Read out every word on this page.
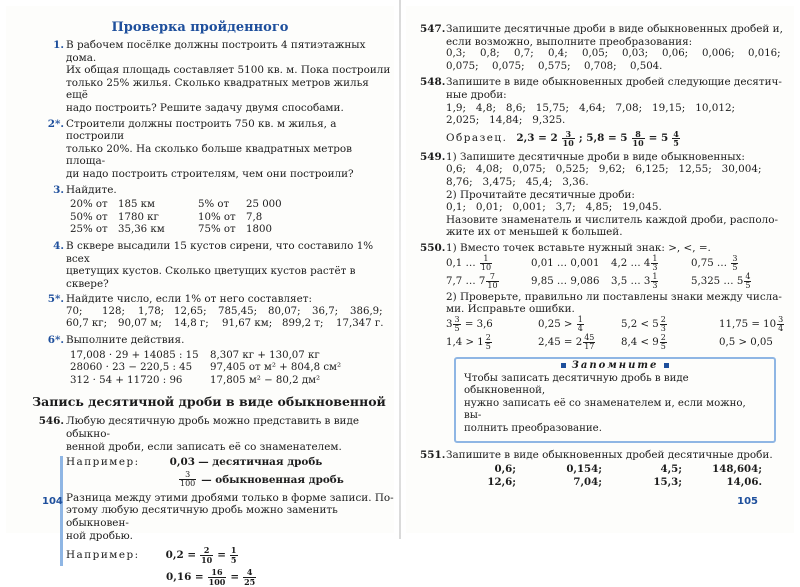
Проверка пройденного
1. В рабочем посёлке должны построить 4 пятиэтажных дома.
Их общая площадь составляет 5100 кв. м. Пока построили
только 25% жилья. Сколько квадратных метров жилья ещё
надо построить? Решите задачу двумя способами.
2*. Строители должны построить 750 кв. м жилья, а построили
только 20%. На сколько больше квадратных метров площа-
ди надо построить строителям, чем они построили?
3. Найдите.
20% от	185 км	5% от	25 000
50% от	1780 кг	10% от	7,8
25% от	35,36 км	75% от	1800
4. В сквере высадили 15 кустов сирени, что составило 1% всех
цветущих кустов. Сколько цветущих кустов растёт в сквере?
5*. Найдите число, если 1% от него составляет:
70;	128;	1,78; 12,65;	785,45;	80,07;	36,7;	386,9;
60,7 кг;	90,07 м;	14,8 г;	91,67 км; 899,2 т;	17,347 г.
6*. Выполните действия.
17,008 · 29 + 14085 : 15	8,307 кг + 130,07 кг
28060 · 23 − 220,5 : 45	97,405 от м² + 804,8 см²
312 · 54 + 11720 : 96	17,805 м² − 80,2 дм²
Запись десятичной дроби в виде обыкновенной
546. Любую десятичную дробь можно представить в виде обыкно-
венной дроби, если записать её со знаменателем.
Например:	0,03 — десятичная дробь
$\frac{3}{100}$ — обыкновенная дробь
Разница между этими дробями только в форме записи. По-
этому любую десятичную дробь можно заменить обыкновен-
ной дробью.
Например:	$0,2 = \frac{2}{10} = \frac{1}{5}$
$0,16 = \frac{16}{100} = \frac{4}{25}$
104
547. Запишите десятичные дроби в виде обыкновенных дробей и,
если возможно, выполните преобразования:
0,3;	0,8;	0,7;	0,4;	0,05;	0,03;	0,06;	0,006;	0,016;
0,075;	0,075;	0,575;	0,708;	0,504.
548. Запишите в виде обыкновенных дробей следующие десятич-
ные дроби:
1,9;   4,8;   8,6;   15,75;   4,64;   7,08;   19,15;   10,012;
2,025;   14,84;   9,325.
Образец. $2,3 = 2 \frac{3}{10}$ ; $5,8 = 5 \frac{8}{10} = 5 \frac{4}{5}$
549. 1) Запишите десятичные дроби в виде обыкновенных:
0,6;   4,08;   0,075;   0,525;   9,62;   6,125;   12,55;   30,004;
8,76;   3,475;   45,4;   3,36.
2) Прочитайте десятичные дроби:
0,1;   0,01;   0,001;   3,7;   4,85;   19,045.
Назовите знаменатель и числитель каждой дроби, располо-
жите их от меньшей к большей.
550. 1) Вместо точек вставьте нужный знак: >, <, =.
0,1 … $\frac{1}{10}$	0,01 … 0,001 4,2 … $4 \frac{1}{3}$	0,75 … $\frac{3}{5}$
7,7 … $7 \frac{7}{10}$	9,85 … 9,086 3,5 … $3 \frac{1}{3}$	5,325 … $5 \frac{4}{5}$
2) Проверьте, правильно ли поставлены знаки между числа-
ми. Исправьте ошибки.
$3 \frac{3}{5} = 3,6$	$0,25 > \frac{1}{4}$	$5,2 < 5 \frac{2}{3}$	$11,75 = 10 \frac{3}{4}$
$1,4 > 1 \frac{2}{5}$	$2,45 = 2 \frac{45}{17}$	$8,4 < 9 \frac{2}{5}$	0,5 > 0,05
Запомните
Чтобы записать десятичную дробь в виде обыкновенной,
нужно записать её со знаменателем и, если можно, вы-
полнить преобразование.
551. Запишите в виде обыкновенных дробей десятичные дроби.
0,6;	0,154;	4,5;	148,604;
12,6;	7,04;	15,3;	14,06.
105
